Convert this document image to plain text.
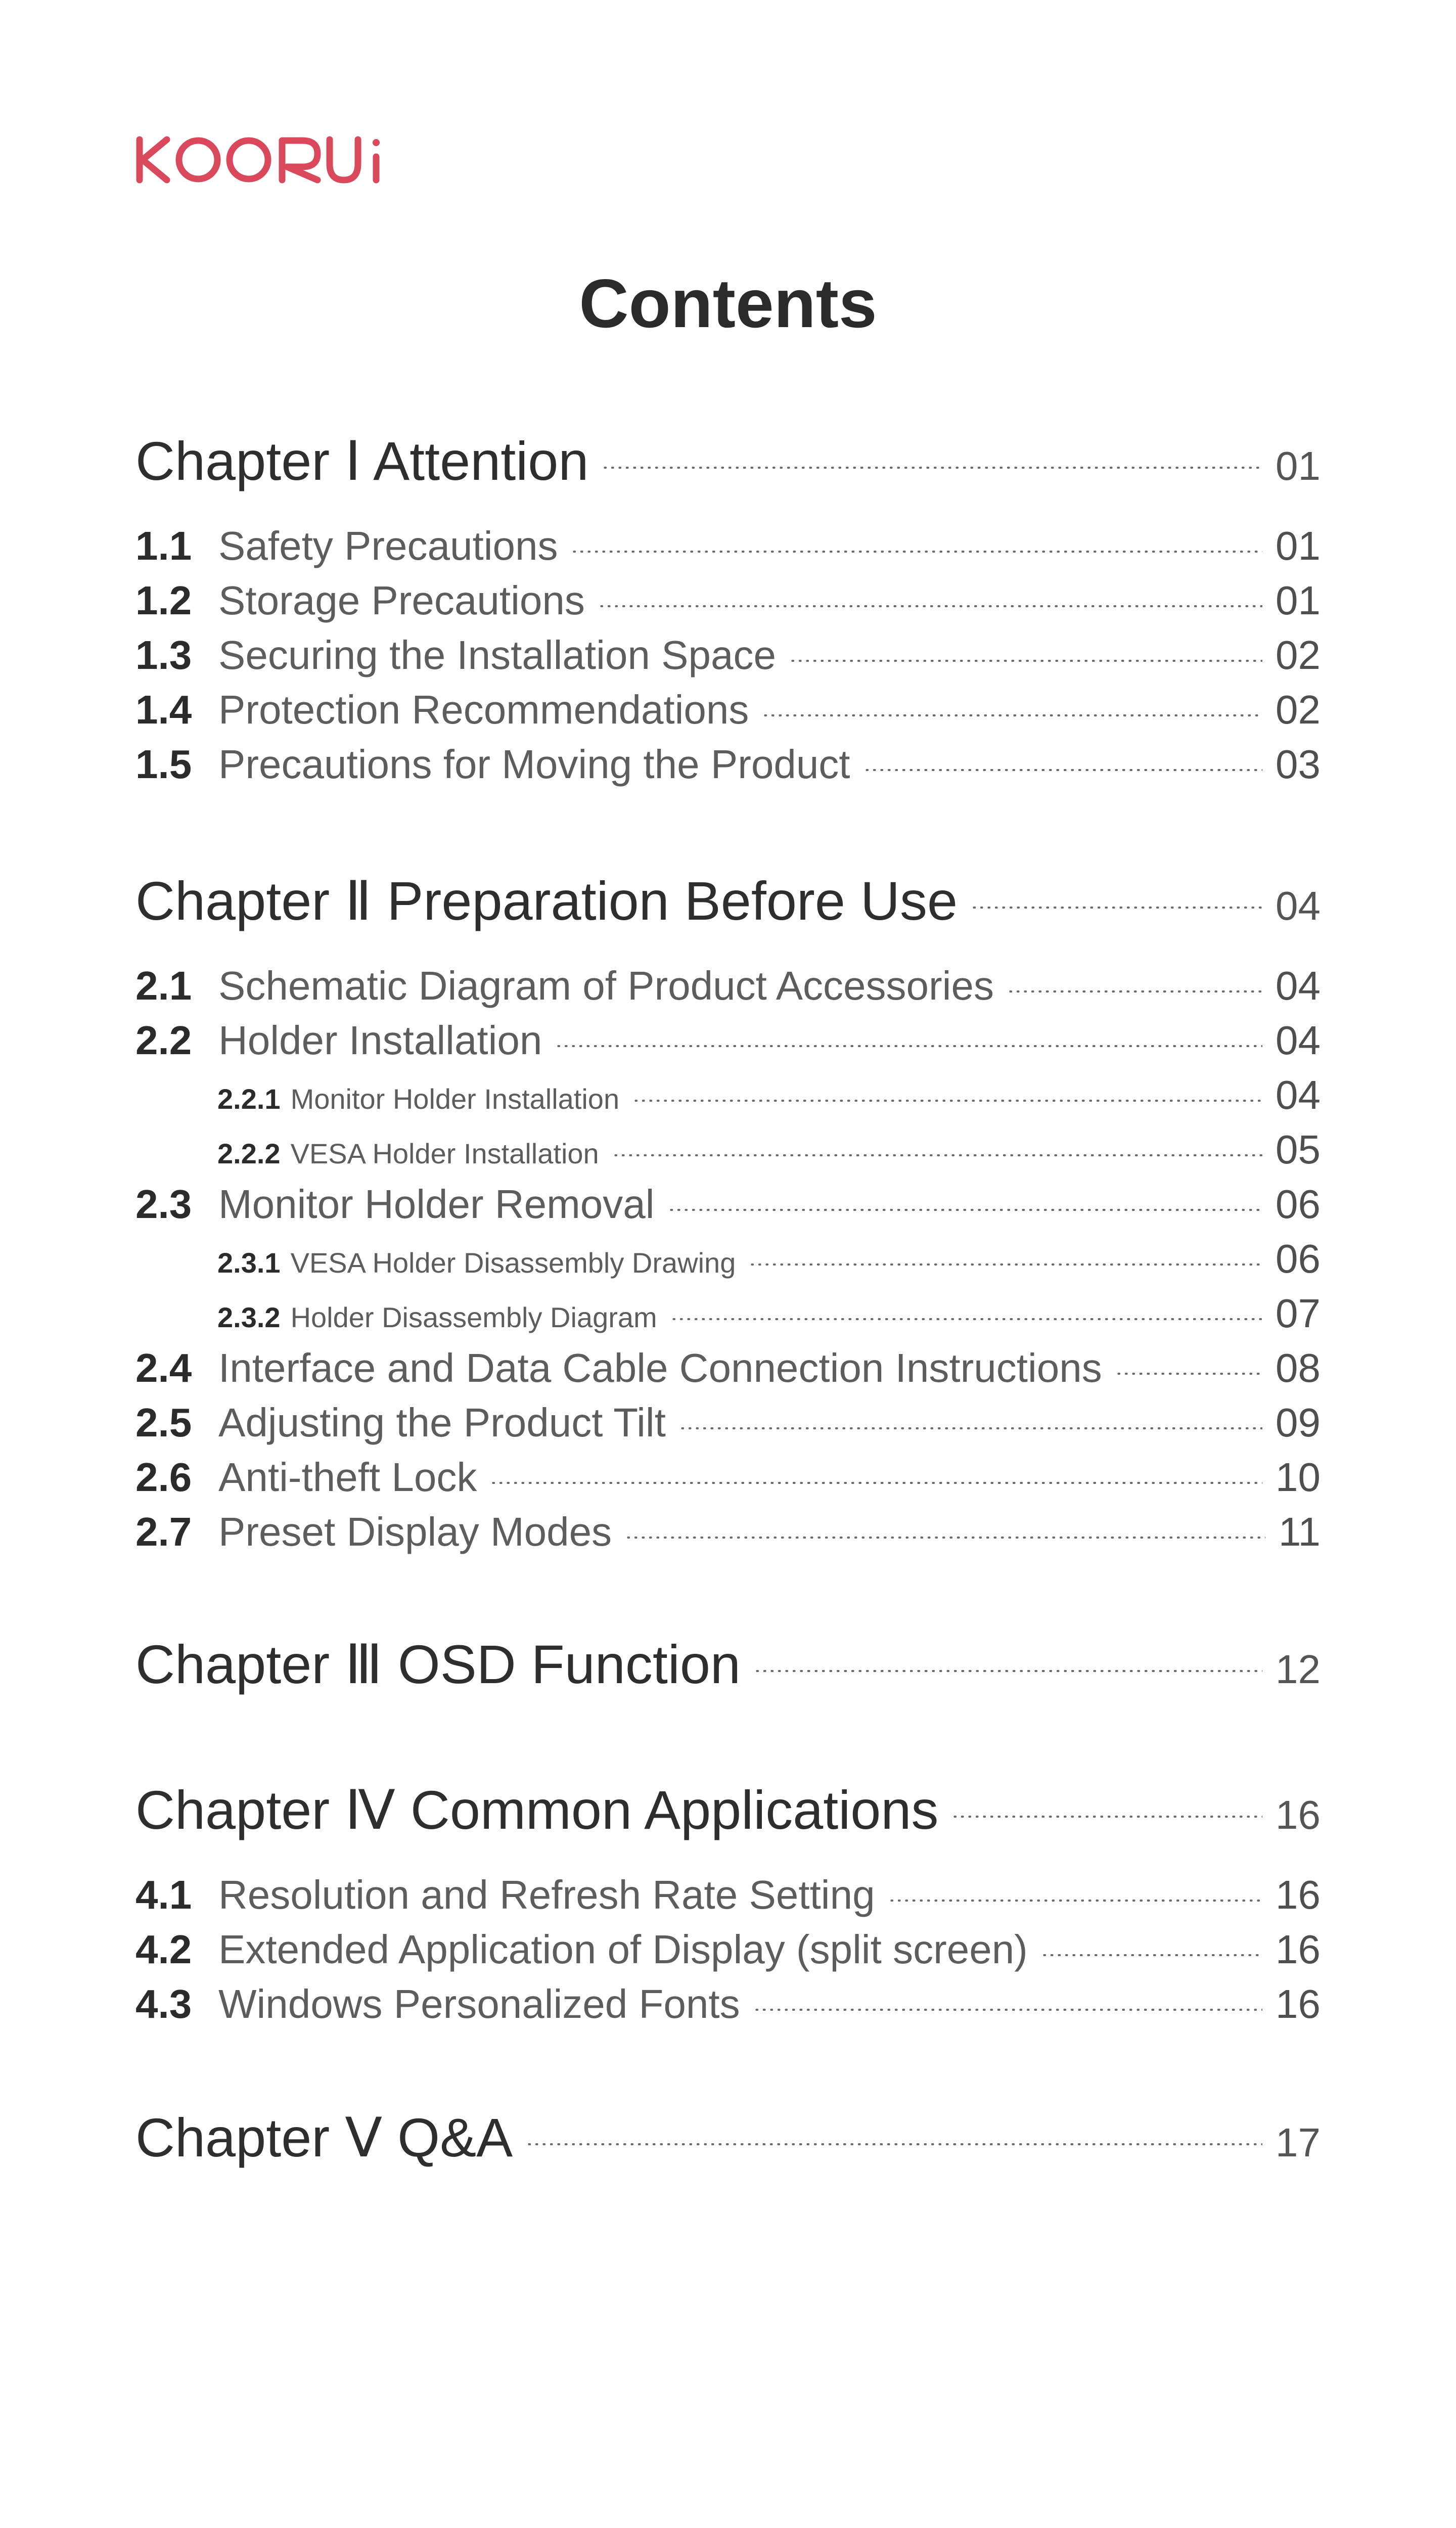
Contents
Chapter Ⅰ Attention	01
1.1 Safety Precautions	01
1.2 Storage Precautions	01
1.3 Securing the Installation Space	02
1.4 Protection Recommendations	02
1.5 Precautions for Moving the Product	03
Chapter Ⅱ Preparation Before Use	04
2.1 Schematic Diagram of Product Accessories	04
2.2 Holder Installation	04
2.2.1 Monitor Holder Installation	04
2.2.2 VESA Holder Installation	05
2.3 Monitor Holder Removal	06
2.3.1 VESA Holder Disassembly Drawing	06
2.3.2 Holder Disassembly Diagram	07
2.4 Interface and Data Cable Connection Instructions	08
2.5 Adjusting the Product Tilt	09
2.6 Anti-theft Lock	10
2.7 Preset Display Modes	11
Chapter Ⅲ OSD Function	12
Chapter Ⅳ Common Applications	16
4.1 Resolution and Refresh Rate Setting	16
4.2 Extended Application of Display (split screen)	16
4.3 Windows Personalized Fonts	16
Chapter Ⅴ Q&A	17
